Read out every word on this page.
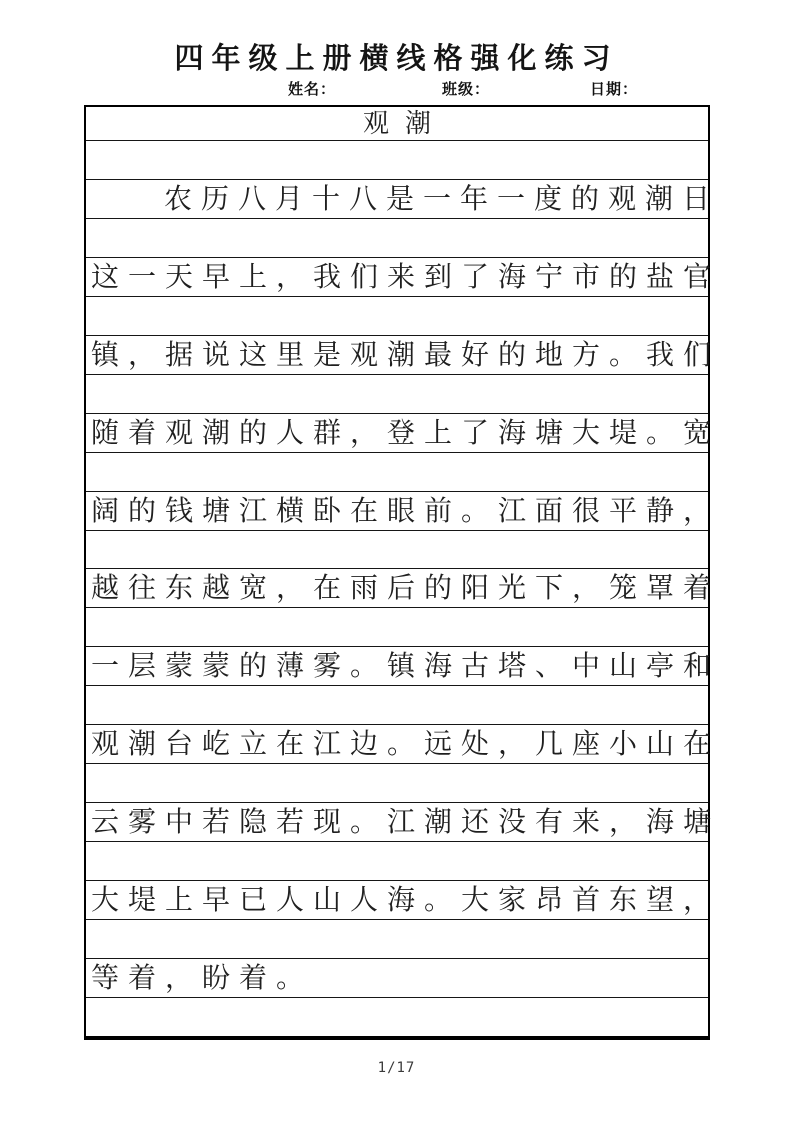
四年级上册横线格强化练习
姓名：	班级：	日期：
观潮
农历八月十八是一年一度的观潮日
这一天早上，我们来到了海宁市的盐官
镇，据说这里是观潮最好的地方。我们
随着观潮的人群，登上了海塘大堤。宽
阔的钱塘江横卧在眼前。江面很平静，
越往东越宽，在雨后的阳光下，笼罩着
一层蒙蒙的薄雾。镇海古塔、中山亭和
观潮台屹立在江边。远处，几座小山在
云雾中若隐若现。江潮还没有来，海塘
大堤上早已人山人海。大家昂首东望，
等着，盼着。
1/17
